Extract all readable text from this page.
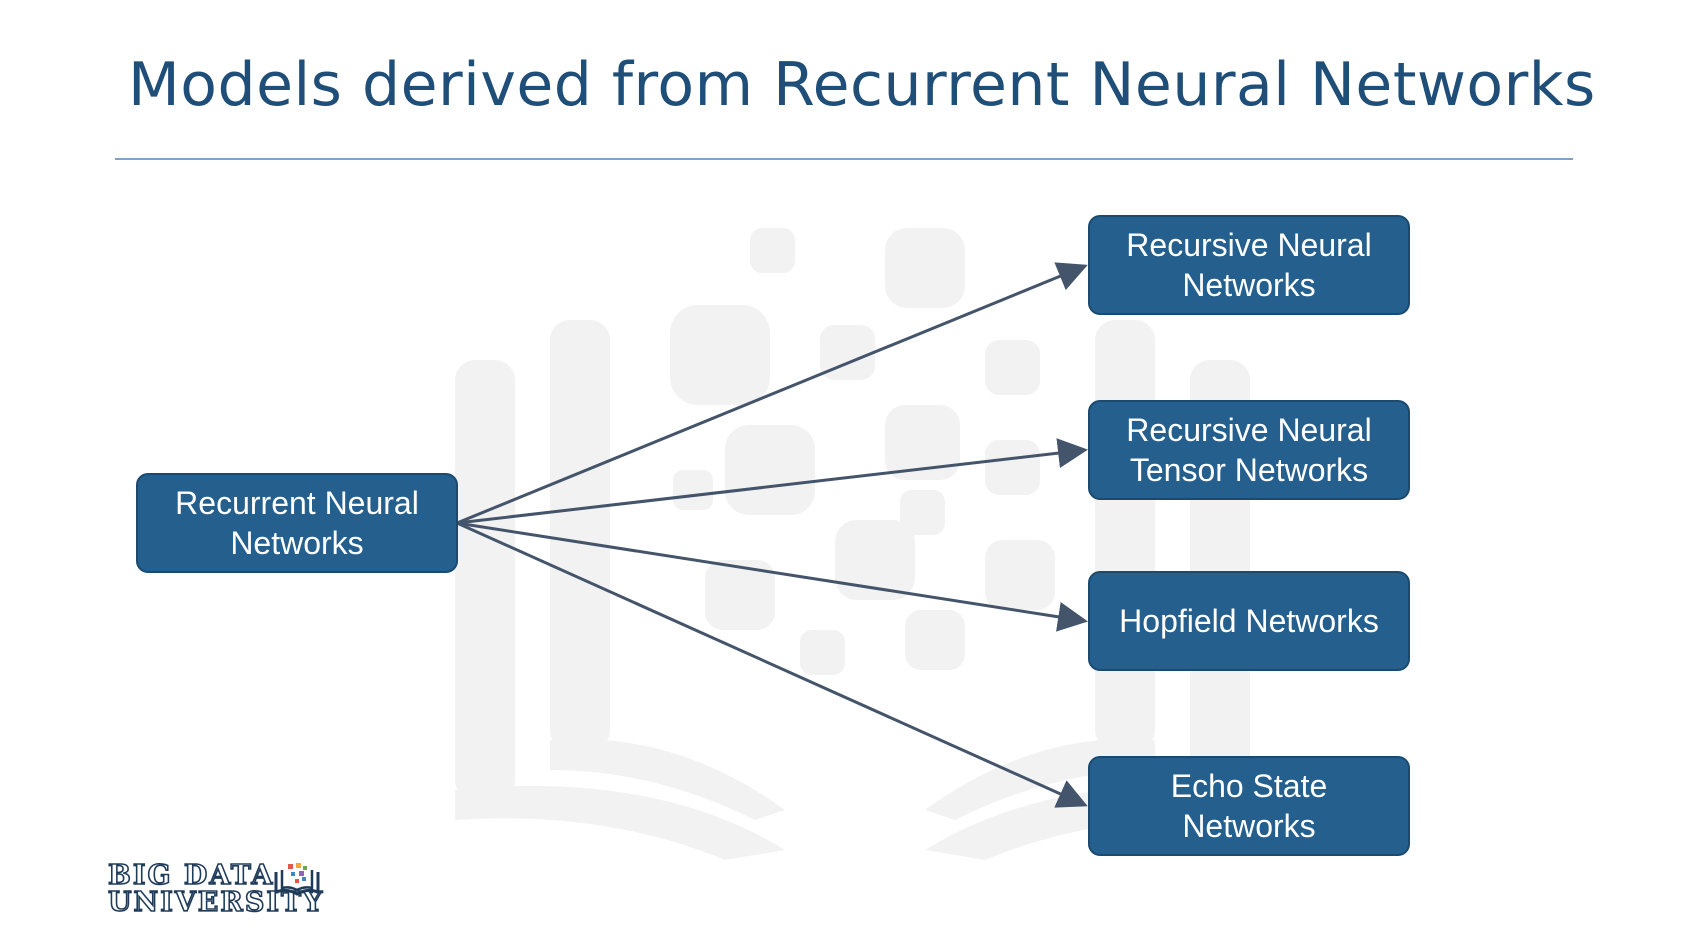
Models derived from Recurrent Neural Networks
Recurrent Neural
Networks
Recursive Neural
Networks
Recursive Neural
Tensor Networks
Hopfield Networks
Echo State
Networks
BIG DATA
UNIVERSITY
